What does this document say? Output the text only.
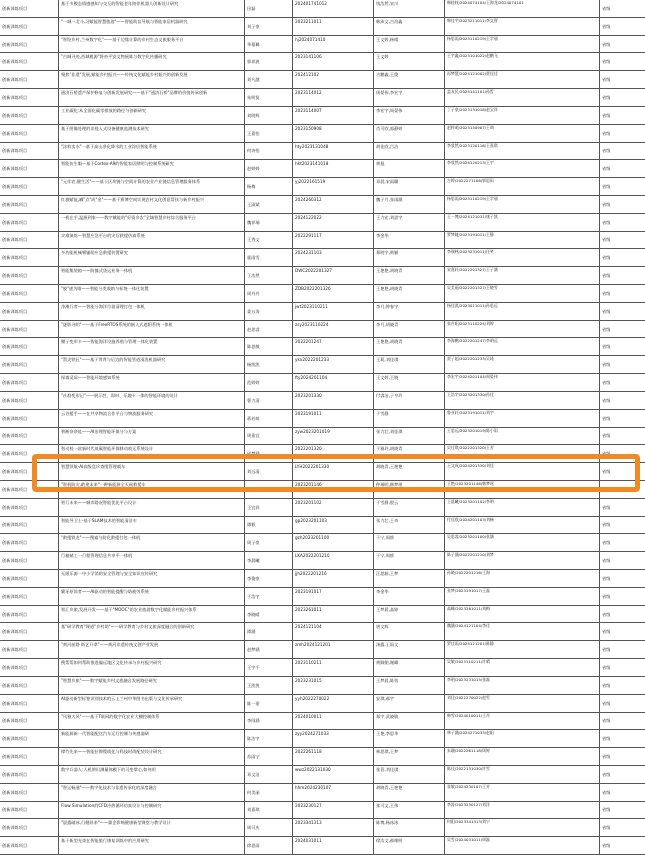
创新训练项目
基于多模态情感感知与交互的智能老年陪伴机器人创新设计研究
田磊
202401741012	钱浩然,宋川	韩桂枝/2024074104/王海龙/2024074101
省级
创新训练项目
"一城一北斗,习赋能智慧旅游"——智能助盲导航与智能家居机器研究
刘子豪
2023211011	韩沛文,吉昌鑫	韩佳宇/2023211011/李文智
省级
创新训练项目
"智绘乡村,兰州数字化"——基于边缘计算的乡村生态文旅服务平台
华蔓璐
hj2024071410	王文婷,杨晴	杨思雨/2023110219/王学丽
省级
创新训练项目
"古城寻迹,西域桃源"将帝平安文物展陈与数字化传播研究
郭祥波
2023141106	王文婷	王宇鑫/2023101022/赵鹏飞
省级
创新训练项目
聚焦"非遗"发展,赋能乡村振兴——传统文化赋能乡村振兴的创新发展
刘凡越
202412102	吉鹏鑫,王俊	再梦慧/2024121002/贾佳佳
省级
创新训练项目
通济石桥遗产保护修复与创新发展研究——基于"通济石桥"品牌的价值传承创新
朱明贤
2023114012	周晏伟,李宏宇	盖友民/2024141101/孙哲
省级
创新训练项目
工业碳化:从全面化碳零排放的路径与创新研究
刘明辉
2023114007	李宏宇,周晏伟	丁子豪/2023131018/赵宝祥
省级
创新训练项目
基于图像处理的非侵入式设备健康监测技术研究
王嘉怡
2023150908	肖可欣,郭静婷	赵梓萌/2023150907/王萌
省级
创新训练项目
"涂料卖水"一基于高山净化降水的工业涂层智能系统
何诗怡
hty2023131048	胡佳欣,吕洁	李欣然/2023120116/王嘉琪
省级
创新训练项目
智能仿生眼—基于Cortex-A9的智能家居照明与控制系统研究
赵婷婷
hkt2023141018	黄旭	李欣然/2024120213/王宇
省级
创新训练项目
"元伴农,健生活"——基于区块链与空间计算的农业产业链信息管理服务体系
杨梅
yj2022161519	邓晨,宋雨璐	吉婷/2022271108/郭思雨
省级
创新训练项目
红旗赋能,嘟"点"成"金"——基于赛博空间实现农村文化创意帮扶与新乡村振兴
王淑斌
2024260312	魏子月,张雨涵	杨思雨/2023110219/王学丽
省级
创新训练项目
一机在手,温源到家——数字赋能的"好资乡农"全域智慧乡村综合服务平台
魏祥瑞
2024122022	王力宏,刘思宇	王一博/2024121031/康子凯
省级
创新训练项目
灾难演练—智慧应急平台的灾后救援仿真系统
王秀文
2022291117	李金华	罗梦婕/2023191011/王静
省级
创新训练项目
多功能机械臂辅助应急救援装置研究
霍雨雪
2024231103	郑明宇,黄颖	李瑞林/2023231011/任笑
省级
创新训练项目
智能集装箱——防撞式货运业务一体机
丁浩然
DWC2022201327	王艳艳,胡晓青	宋嘉轩/2022201327/王子涵
省级
创新训练项目
"胶"速为唯——智能分类收纳与标签一体化装置
周丹丹
ZDB2022201326	王艳艳,胡晓青	吴美丽/2022201327/王晓雪
省级
创新训练项目
净滩行者——智能分海洋垃圾清理打包一体机
姜万涛
jwt2023110211	李月,钟春宇	杨佳淇/2023011011/孙思远
省级
创新训练项目
"逐影寻阴"——基于FreeRTOS系统的嵌入式遮阳系统一体机
赵思睿
zsy2023110224	李月,胡晓青	张丹阳/2023110224/刘婷
省级
创新训练项目
腰子变形卡——智能海洋设施养殖与管理一体化装置
陈思敏
2022201247	王艳艳,胡晓青	李海鹏/2022201247/李明远
省级
创新训练项目
"蛋尖铁匠"——基于背背与后边的智能管道清洗机器研究
杨凯凯
ykx2022201233	王莉,刘佳琪	贾子超/2022201233/吴琦
省级
创新训练项目
探墙灵犀——智能环境感知系统
范婷婷
fty2024201104	王文婷,王晓	李宏宇/2024201104/周晏伟
省级
创新训练项目
"社群变形记"——展示性、即时、乐趣卡一体的智能环境的设计
曹力清
2023201330	付睿洁,子亨玲	王浩宇/2023201330/孙佳
省级
创新训练项目
云谷援手——在共享物流合作平台与物流服务研究
蒋若萌
2023191011	于雪静	鲁亚轩/2023191011/刘宇
省级
创新训练项目
智断奈奈娃——AI治理智能环保分与方案
周嘉宜
zyw2023201019	张力壮,刘佳琪	王思远/2023201019/陈小雨
省级
创新训练项目
智动校一款新时代低碳智能环保移动收运系统设计
邱梦涵
2022201320	于雅玲,胡晓青	吴佳琪/2022201320/王芳
省级
创新训练项目
智慧领航-AI高级盘诊查缆管理载车
刘远清
LYH2022201330	胡晓青,王艳艳	王文成/2024201330/刘佳
省级
创新训练项目
"智机防灾,敢建未来"一种新能源全天候救援车
宫辉洋
2023201146	仲瑞明,韩梦瑶	王艳/2023201146/韩梦瑶
省级
创新训练项目
智行未来——城市路况智能优化平台设计
王宜祥
2023201102	于雪静,殷云	王晨曦/2023201102/李明
省级
创新训练项目
智能导卫士-基于SLAM技术的智能清洁车
谭毅
gp2023201103	张力壮,王奇	付佳欣/2024201103/刘畅
省级
创新训练项目
"救援铁龙"——搜索与防化救援打包一体机
周子豪
gzh2023201100	于宁,周娇	吴思睿/2023201100/张涵
省级
创新训练项目
行箱储工一行程管理信息共享平一体机
李晨曦
LKA2022201210	于宁,周娇	陈子涵/2022201210/刘梦
省级
创新训练项目
无限乐源一中小学消防安全管理与安全知识宣传研究
李俊豪
jjh2022201216	汪思源,王梦	孙晓/2022201216/王海
省级
创新训练项目
繁牙原谅者——AI驱动的智能提醒与防疲劳系统
于浩宇
2023191017	李金华	张梦/2023191017/王磊
省级
创新训练项目
智汇乡旅,发展开发——基于"MOOC"的农业旅游数字化赋能乡村振兴体系
李晓晴
2023261011	王梦晨,高婷	高峰/2023261011/刘梅
省级
创新训练项目
基"研学教育"课道"乡村助"——研学教育与乡村文旅深度融合的创新研究
谭涵
2024121104	唐文辉	魏涵/2024121104/李佳
省级
创新训练项目
"黄河前路 纸艺开拿"——黄河非遗传统文创产业发展
赵梦涵
zmh2024121201	汤露,王雨文	罗佳雨/2024121201/陈静
省级
创新训练项目
搜帮帮如何帮助推进偏远地区文化传承与乡村振兴研究
王字千
2023110211	黄顺朝,谢峰	吴敏/2023110211/许晴
省级
创新训练项目
"智慧乡旅"——数字赋能乡村文旅融合发展路径研究
王凯悦
2023231015	王梦晨,陈怡	李明/2023231015/张磊
省级
创新训练项目
AI驱动新型标签识别技术的云上兰州中华图书出版与文化传承研究
陈一嘉
yyh2022270022	安琪,郝宇	刘佳/2022270022/赵雪
省级
创新训练项目
"风雅大风"——基于T联网的数字化农业大棚控制体系
李闯涵
2024010011	郑宇,武晓敏	韩雪/2024010011/王丹
省级
创新训练项目
新能源新一代智能配送汽车运行控制与传感器研
陈洁宇
zyy2024271033	王艳,李思华	林子涵/2024271033/赵阳
省级
创新训练项目
撑竹先来——智能拉锦缆线化与科技时尚配装设计研究
苏雨宁
2022261118	林思琪,王梦	朱珊/2022261118/周婷
省级
创新训练项目
数字兵器人:人机辨识测量体模下的可变掌心,如何用
邓文洁
wwz2022131030	张蓓,刘佳琪	陈佳/2022131030/许雪
省级
创新训练项目
"智运畅通"——数字化技术与非遗传承化的深度融合
何美丽
hhm2024230107	胡晓青,王艳艳	张敏/2024230107/王芳
省级
创新训练项目
Flow Simulation的CFD冷热循环仿真设计与控制研究
刘嘉琪
2023230127	张可文,王伟	李涛/2023230127/刘洋
省级
创新训练项目
"晨露破冰,行健驿来"——冀企影响健康新型课堂与教学设计
周可庆
2023341313	陈博,杨冰冰	何阳/2023341313/刘宁
省级
创新训练项目
基于新型光束在智能旅行康复训练中的应用研究
徐思雨
2024031011	徐浩文,郝维明	吴雪/2024031011/周磊
省级
